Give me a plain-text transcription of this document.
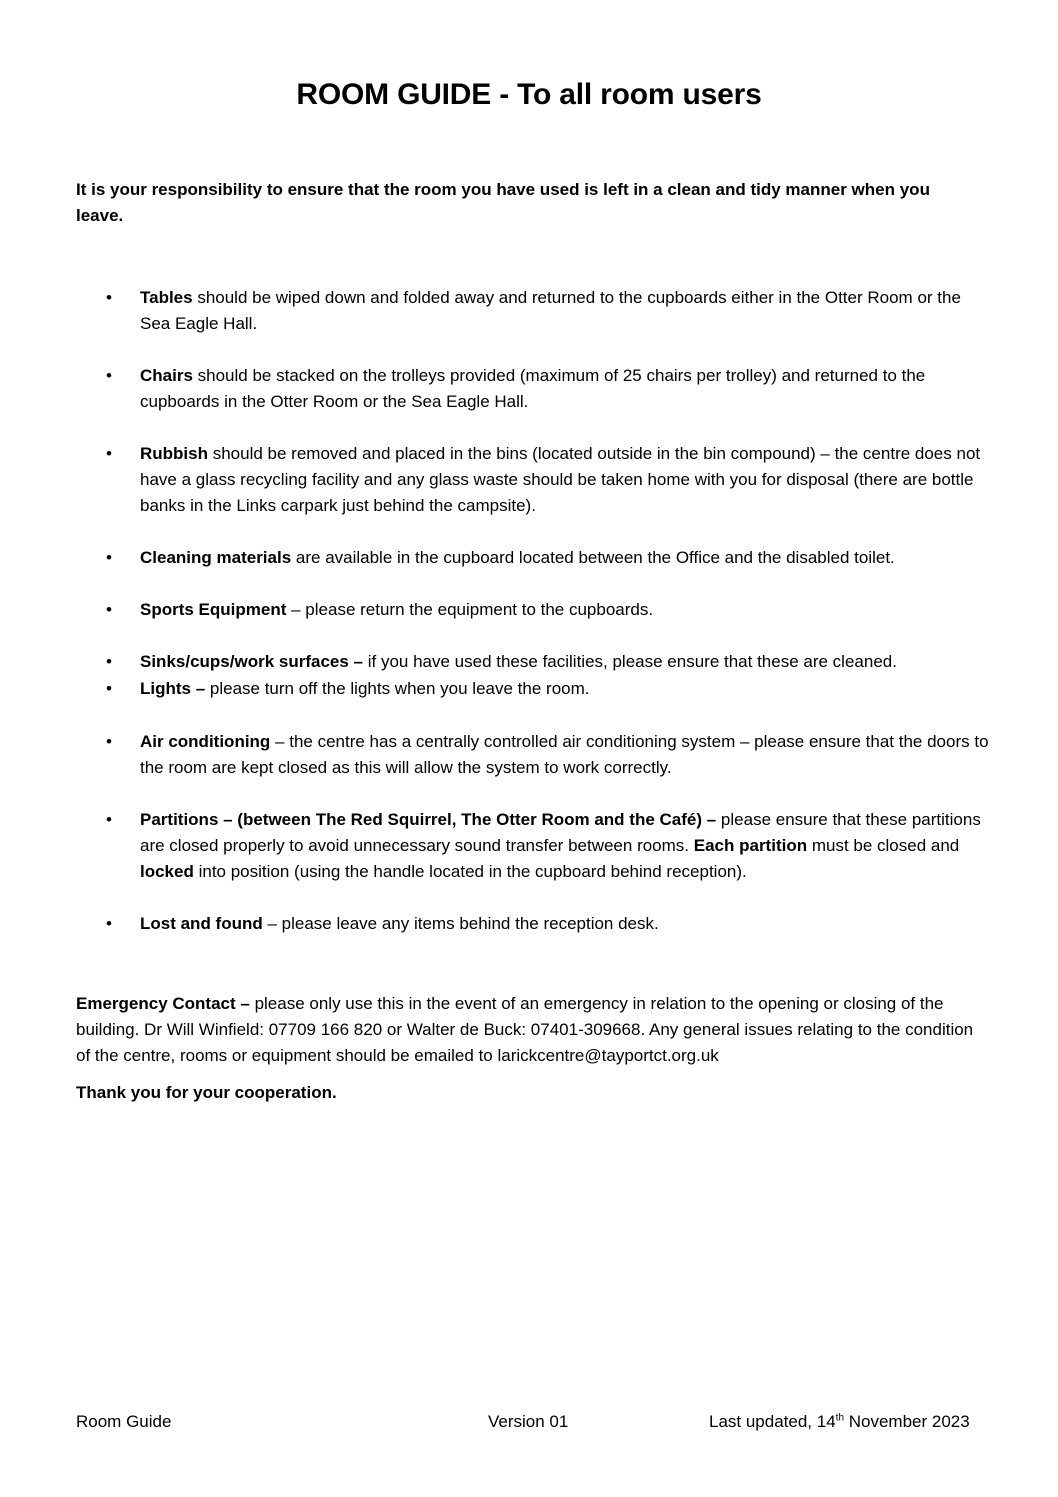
ROOM GUIDE - To all room users

It is your responsibility to ensure that the room you have used is left in a clean and tidy manner when you leave.

• Tables should be wiped down and folded away and returned to the cupboards either in the Otter Room or the Sea Eagle Hall.
• Chairs should be stacked on the trolleys provided (maximum of 25 chairs per trolley) and returned to the cupboards in the Otter Room or the Sea Eagle Hall.
• Rubbish should be removed and placed in the bins (located outside in the bin compound) – the centre does not have a glass recycling facility and any glass waste should be taken home with you for disposal (there are bottle banks in the Links carpark just behind the campsite).
• Cleaning materials are available in the cupboard located between the Office and the disabled toilet.
• Sports Equipment – please return the equipment to the cupboards.
• Sinks/cups/work surfaces – if you have used these facilities, please ensure that these are cleaned.
• Lights – please turn off the lights when you leave the room.
• Air conditioning – the centre has a centrally controlled air conditioning system – please ensure that the doors to the room are kept closed as this will allow the system to work correctly.
• Partitions – (between The Red Squirrel, The Otter Room and the Café) – please ensure that these partitions are closed properly to avoid unnecessary sound transfer between rooms. Each partition must be closed and locked into position (using the handle located in the cupboard behind reception).
• Lost and found – please leave any items behind the reception desk.

Emergency Contact – please only use this in the event of an emergency in relation to the opening or closing of the building. Dr Will Winfield: 07709 166 820 or Walter de Buck: 07401-309668. Any general issues relating to the condition of the centre, rooms or equipment should be emailed to larickcentre@tayportct.org.uk

Thank you for your cooperation.

Room Guide	Version 01	Last updated, 14th November 2023
